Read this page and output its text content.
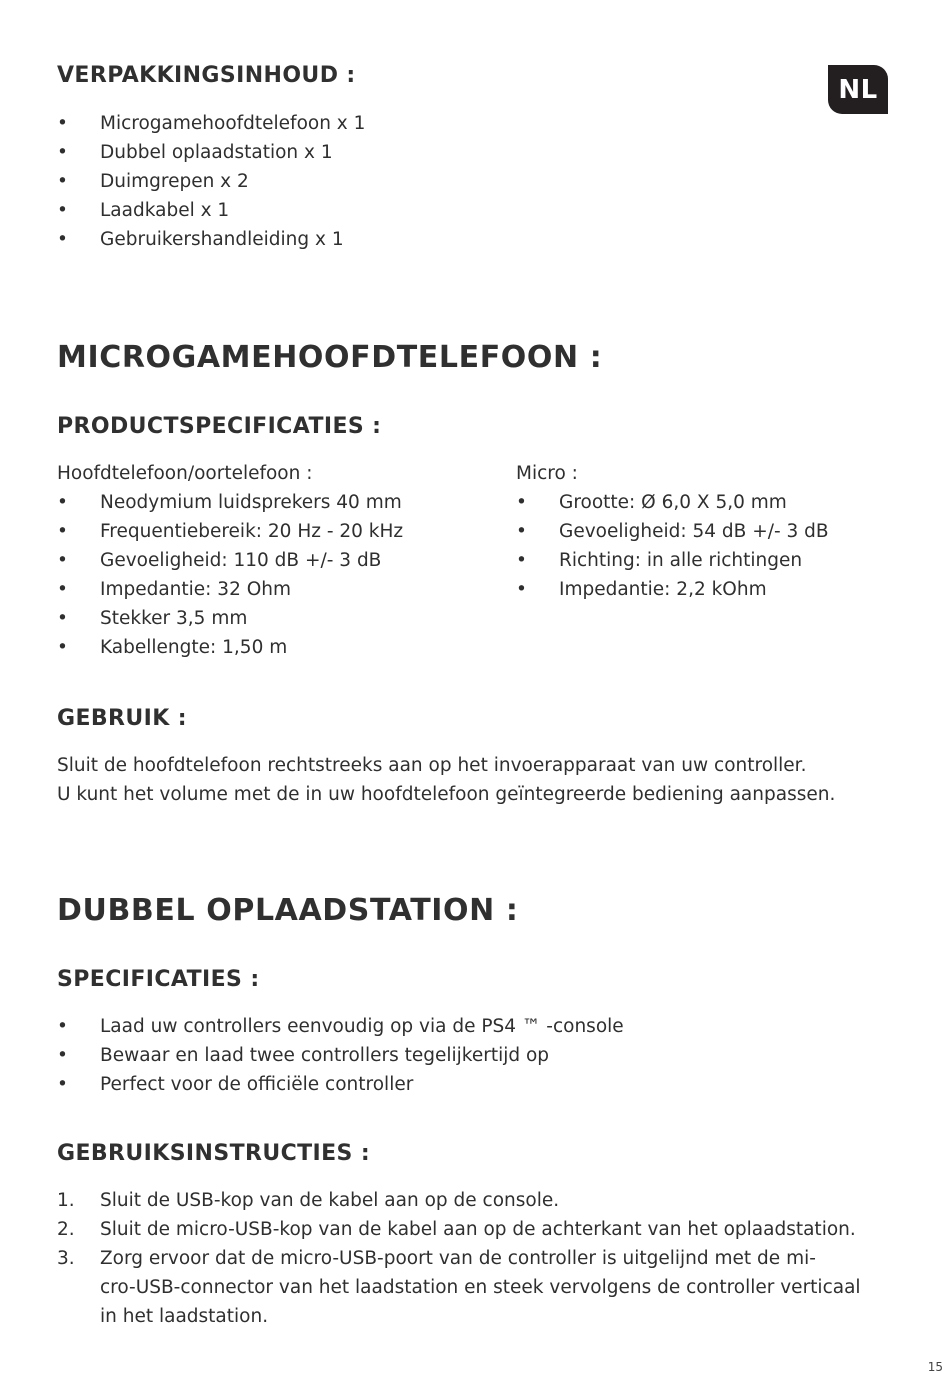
NL
VERPAKKINGSINHOUD :
• Microgamehoofdtelefoon x 1
• Dubbel oplaadstation x 1
• Duimgrepen x 2
• Laadkabel x 1
• Gebruikershandleiding x 1
MICROGAMEHOOFDTELEFOON :
PRODUCTSPECIFICATIES :
Hoofdtelefoon/oortelefoon :
• Neodymium luidsprekers 40 mm
• Frequentiebereik: 20 Hz - 20 kHz
• Gevoeligheid: 110 dB +/- 3 dB
• Impedantie: 32 Ohm
• Stekker 3,5 mm
• Kabellengte: 1,50 m
Micro :
• Grootte: Ø 6,0 X 5,0 mm
• Gevoeligheid: 54 dB +/- 3 dB
• Richting: in alle richtingen
• Impedantie: 2,2 kOhm
GEBRUIK :
Sluit de hoofdtelefoon rechtstreeks aan op het invoerapparaat van uw controller.
U kunt het volume met de in uw hoofdtelefoon geïntegreerde bediening aanpassen.
DUBBEL OPLAADSTATION :
SPECIFICATIES :
• Laad uw controllers eenvoudig op via de PS4 ™ -console
• Bewaar en laad twee controllers tegelijkertijd op
• Perfect voor de officiële controller
GEBRUIKSINSTRUCTIES :
1. Sluit de USB-kop van de kabel aan op de console.
2. Sluit de micro-USB-kop van de kabel aan op de achterkant van het oplaadstation.
3. Zorg ervoor dat de micro-USB-poort van de controller is uitgelijnd met de mi-
cro-USB-connector van het laadstation en steek vervolgens de controller verticaal
in het laadstation.
15
